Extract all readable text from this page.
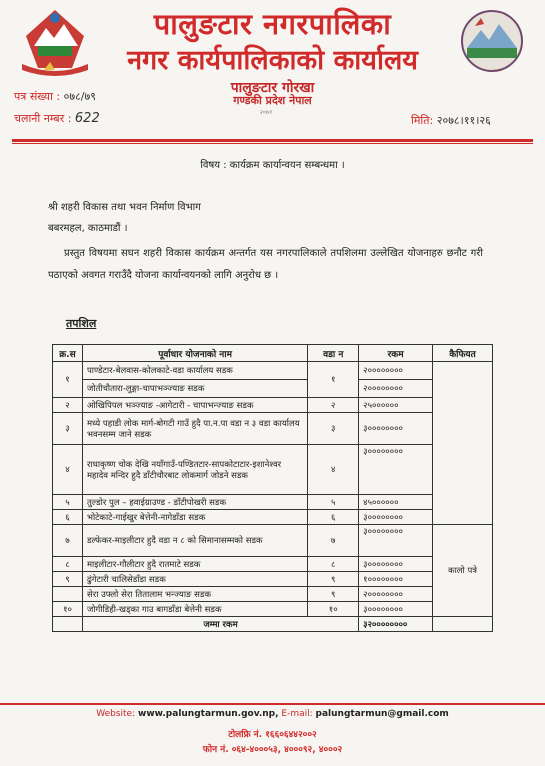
पालुङटार नगरपालिका
नगर कार्यपालिकाको कार्यालय
पालुङटार गोरखा
गण्डकी प्रदेश नेपाल
२०७१
पत्र संख्या : ०७८/७९
चलानी नम्बर : 622	मिति: २०७८।११।२६
विषय : कार्यक्रम कार्यान्वयन सम्बन्धमा ।
श्री शहरी विकास तथा भवन निर्माण विभाग
बबरमहल, काठमाडौं ।
प्रस्तुत विषयमा सघन शहरी विकास कार्यक्रम अन्तर्गत यस नगरपालिकाले तपशिलमा उल्लेखित योजनाहरु छनौट गरी पठाएको अवगत गराउँदै योजना कार्यान्वयनको लागि अनुरोध छ ।
तपशिल
क्र.स	पूर्वाधार योजनाको नाम	वडा न	रकम	कैफियत
१	पाण्डेटार-बेलवास-कोलकाटे-वडा कार्यालय सडक	१	२००००००००	
	जोतीचौतारा-लुङ्गा-चापाभञ्ज्याङ सडक		२००००००००	
२	ओखिपिपल भञ्ज्याङ -आगेटारी - चापाभन्ज्याङ सडक	२	२५००००००	
३	मध्ये पहाडी लोक मार्ग-बोगटी गाउँ हुदै पा.न.पा वडा न ३ वडा कार्यालय भवनसम्म जाने सडक	३	३००००००००	
४	राधाकृष्ण चोक देखि नयाँगाउँ-पण्डितटार-सापकोटाटार-इशानेश्वर महादेव मन्दिर हुदै डाँटीचौरबाट लोकमार्ग जोडने सडक	४	३००००००००	
५	तुल्डोर पुल – हवाईग्राउण्ड - डाँटीपोखरी सडक	५	४५००००००	
६	भोटेकाटे-गाईखुर बेत्तेनी-नागेडाँडा सडक	६	३००००००००	
७	डल्फेकर-माइलीटार हुदै वडा न ८ को सिमानासम्मको सडक	७	३००००००००	कालो पत्रे
८	माइलीटार-गौलीटार हुदै रातमाटे सडक	८	३००००००००	
९	ढुंगेटारी चालिसेडाँडा सडक	९	१००००००००	
	सेरा उफ्लो सेरा तितालाम भन्ज्याङ सडक	९	२००००००००	
१०	जोगीडिही-खड्का गाउ बागडाँडा बेत्तेनी सडक	१०	३००००००००	
	जम्मा रकम		३२००००००००	
Website: www.palungtarmun.gov.np, E-mail: palungtarmun@gmail.com
टोलफ्रि नं. १६६०६४४२००२
फोन नं. ०६४-४०००५३, ४०००९२, ४०००२
